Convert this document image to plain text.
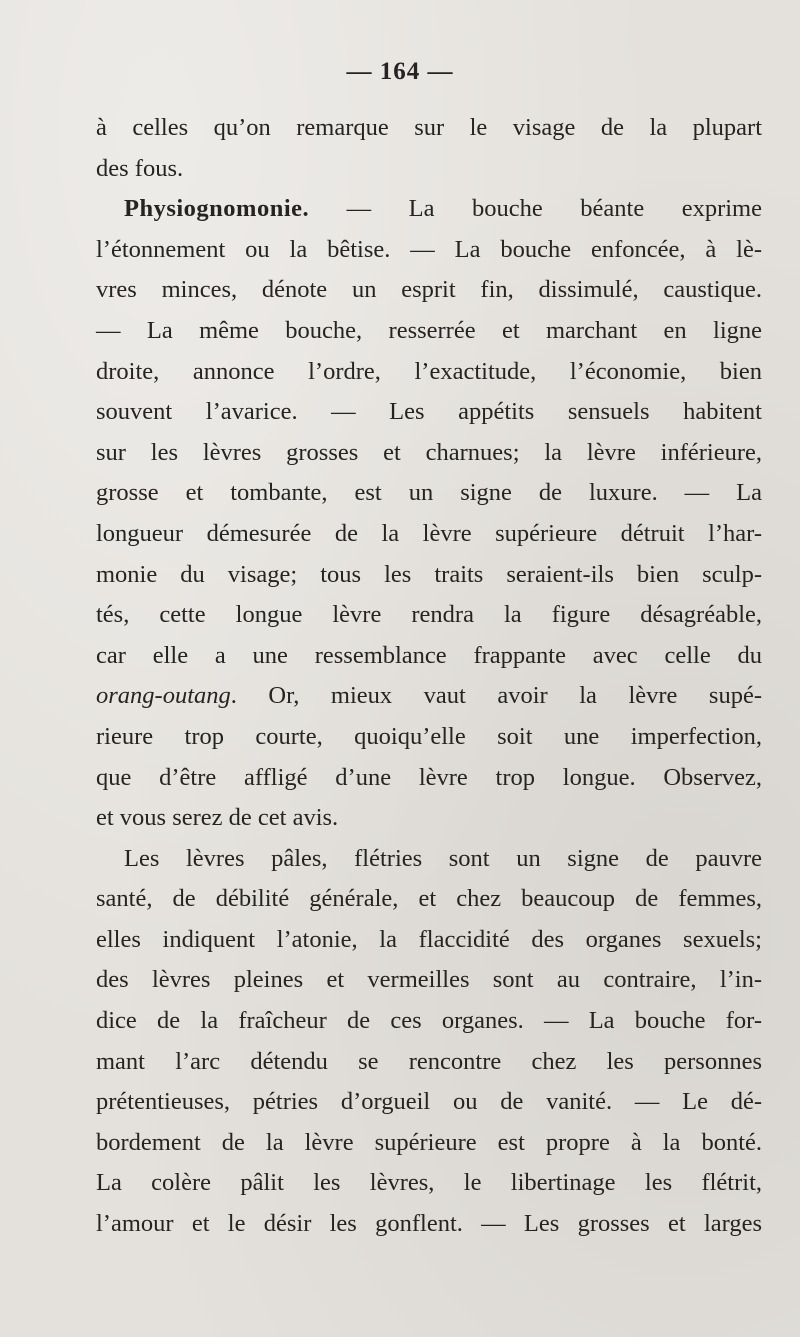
— 164 —
à celles qu’on remarque sur le visage de la plupart
des fous.
Physiognomonie. — La bouche béante exprime
l’étonnement ou la bêtise. — La bouche enfoncée, à lè-
vres minces, dénote un esprit fin, dissimulé, caustique.
— La même bouche, resserrée et marchant en ligne
droite, annonce l’ordre, l’exactitude, l’économie, bien
souvent l’avarice. — Les appétits sensuels habitent
sur les lèvres grosses et charnues; la lèvre inférieure,
grosse et tombante, est un signe de luxure. — La
longueur démesurée de la lèvre supérieure détruit l’har-
monie du visage; tous les traits seraient-ils bien sculp-
tés, cette longue lèvre rendra la figure désagréable,
car elle a une ressemblance frappante avec celle du
orang-outang. Or, mieux vaut avoir la lèvre supé-
rieure trop courte, quoiqu’elle soit une imperfection,
que d’être affligé d’une lèvre trop longue. Observez,
et vous serez de cet avis.
Les lèvres pâles, flétries sont un signe de pauvre
santé, de débilité générale, et chez beaucoup de femmes,
elles indiquent l’atonie, la flaccidité des organes sexuels;
des lèvres pleines et vermeilles sont au contraire, l’in-
dice de la fraîcheur de ces organes. — La bouche for-
mant l’arc détendu se rencontre chez les personnes
prétentieuses, pétries d’orgueil ou de vanité. — Le dé-
bordement de la lèvre supérieure est propre à la bonté.
La colère pâlit les lèvres, le libertinage les flétrit,
l’amour et le désir les gonflent. — Les grosses et larges
